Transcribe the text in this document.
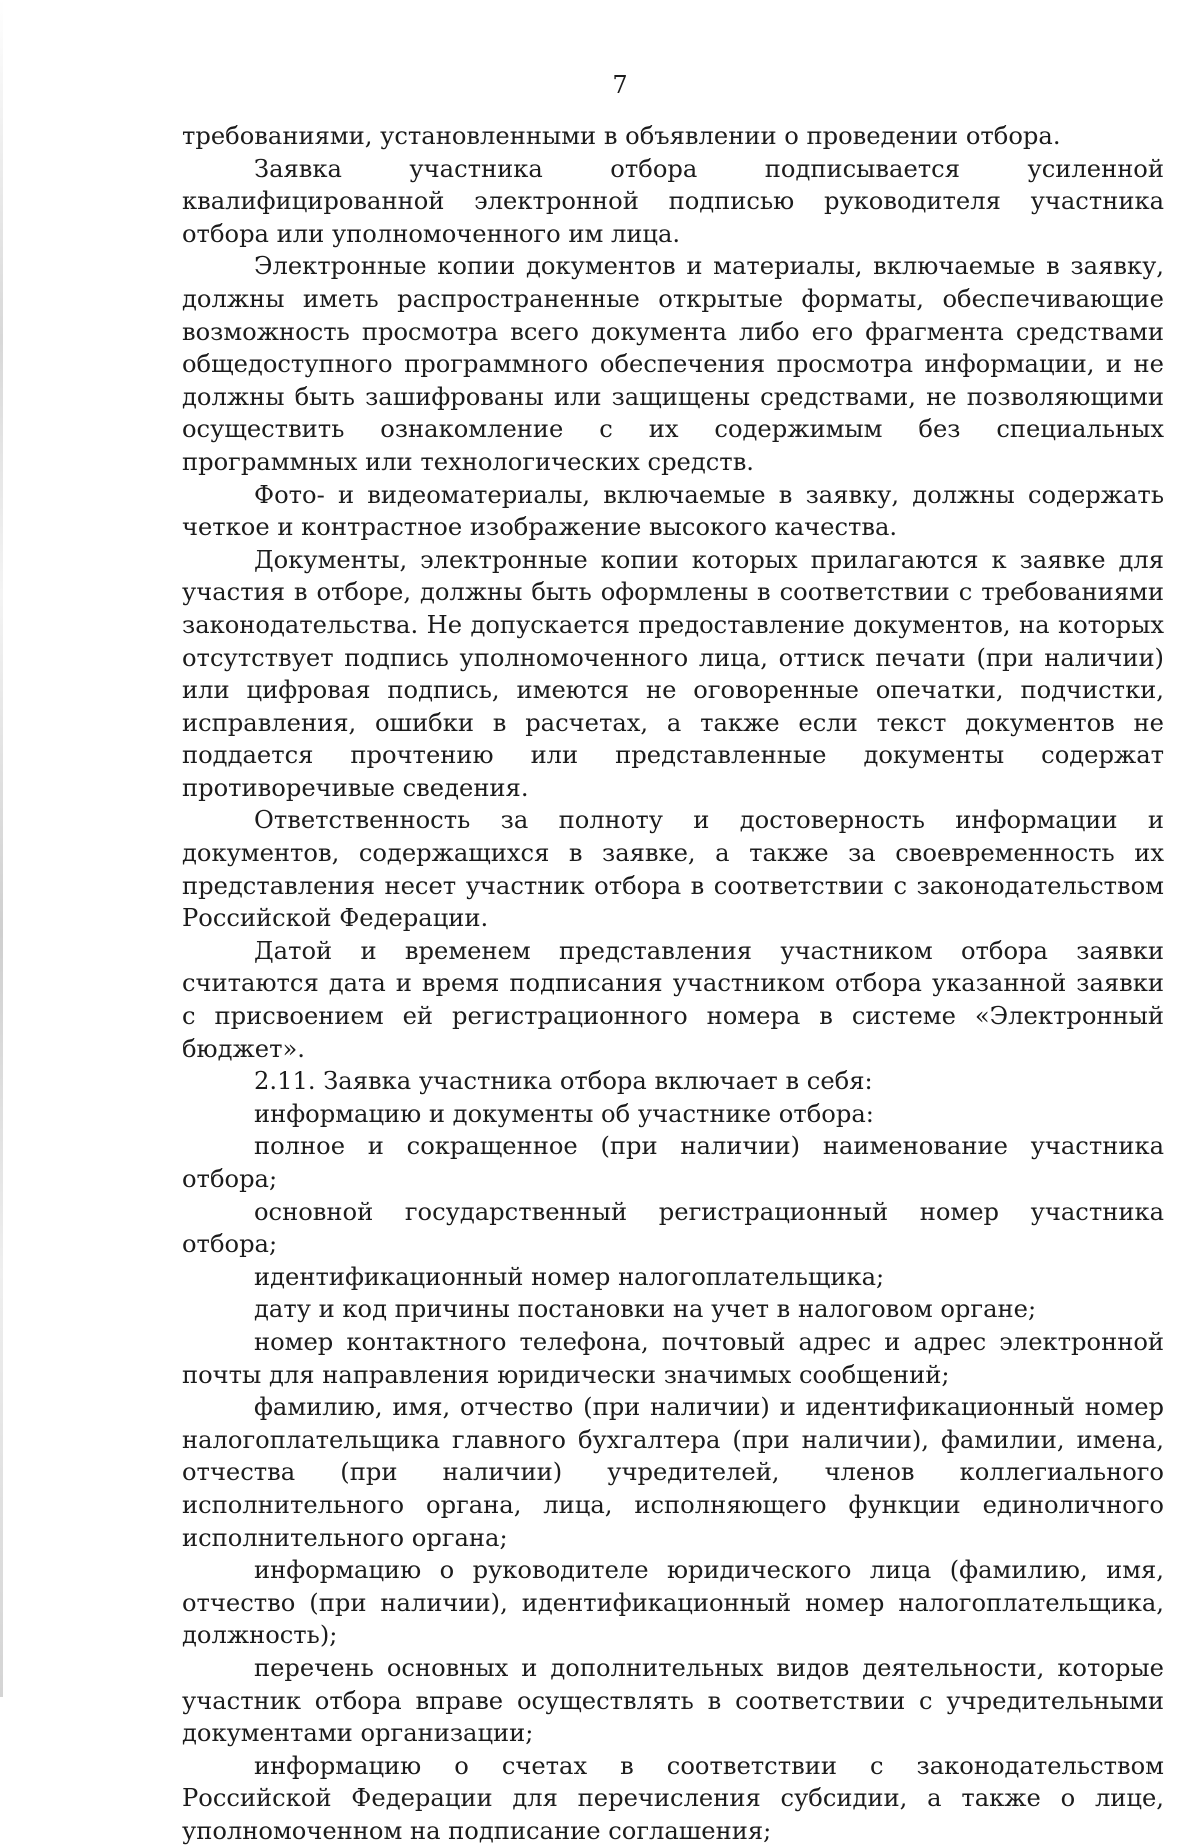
7

требованиями, установленными в объявлении о проведении отбора.

Заявка участника отбора подписывается усиленной квалифицированной электронной подписью руководителя участника отбора или уполномоченного им лица.

Электронные копии документов и материалы, включаемые в заявку, должны иметь распространенные открытые форматы, обеспечивающие возможность просмотра всего документа либо его фрагмента средствами общедоступного программного обеспечения просмотра информации, и не должны быть зашифрованы или защищены средствами, не позволяющими осуществить ознакомление с их содержимым без специальных программных или технологических средств.

Фото- и видеоматериалы, включаемые в заявку, должны содержать четкое и контрастное изображение высокого качества.

Документы, электронные копии которых прилагаются к заявке для участия в отборе, должны быть оформлены в соответствии с требованиями законодательства. Не допускается предоставление документов, на которых отсутствует подпись уполномоченного лица, оттиск печати (при наличии) или цифровая подпись, имеются не оговоренные опечатки, подчистки, исправления, ошибки в расчетах, а также если текст документов не поддается прочтению или представленные документы содержат противоречивые сведения.

Ответственность за полноту и достоверность информации и документов, содержащихся в заявке, а также за своевременность их представления несет участник отбора в соответствии с законодательством Российской Федерации.

Датой и временем представления участником отбора заявки считаются дата и время подписания участником отбора указанной заявки с присвоением ей регистрационного номера в системе «Электронный бюджет».

2.11. Заявка участника отбора включает в себя:

информацию и документы об участнике отбора:

полное и сокращенное (при наличии) наименование участника отбора;

основной государственный регистрационный номер участника отбора;

идентификационный номер налогоплательщика;

дату и код причины постановки на учет в налоговом органе;

номер контактного телефона, почтовый адрес и адрес электронной почты для направления юридически значимых сообщений;

фамилию, имя, отчество (при наличии) и идентификационный номер налогоплательщика главного бухгалтера (при наличии), фамилии, имена, отчества (при наличии) учредителей, членов коллегиального исполнительного органа, лица, исполняющего функции единоличного исполнительного органа;

информацию о руководителе юридического лица (фамилию, имя, отчество (при наличии), идентификационный номер налогоплательщика, должность);

перечень основных и дополнительных видов деятельности, которые участник отбора вправе осуществлять в соответствии с учредительными документами организации;

информацию о счетах в соответствии с законодательством Российской Федерации для перечисления субсидии, а также о лице, уполномоченном на подписание соглашения;
